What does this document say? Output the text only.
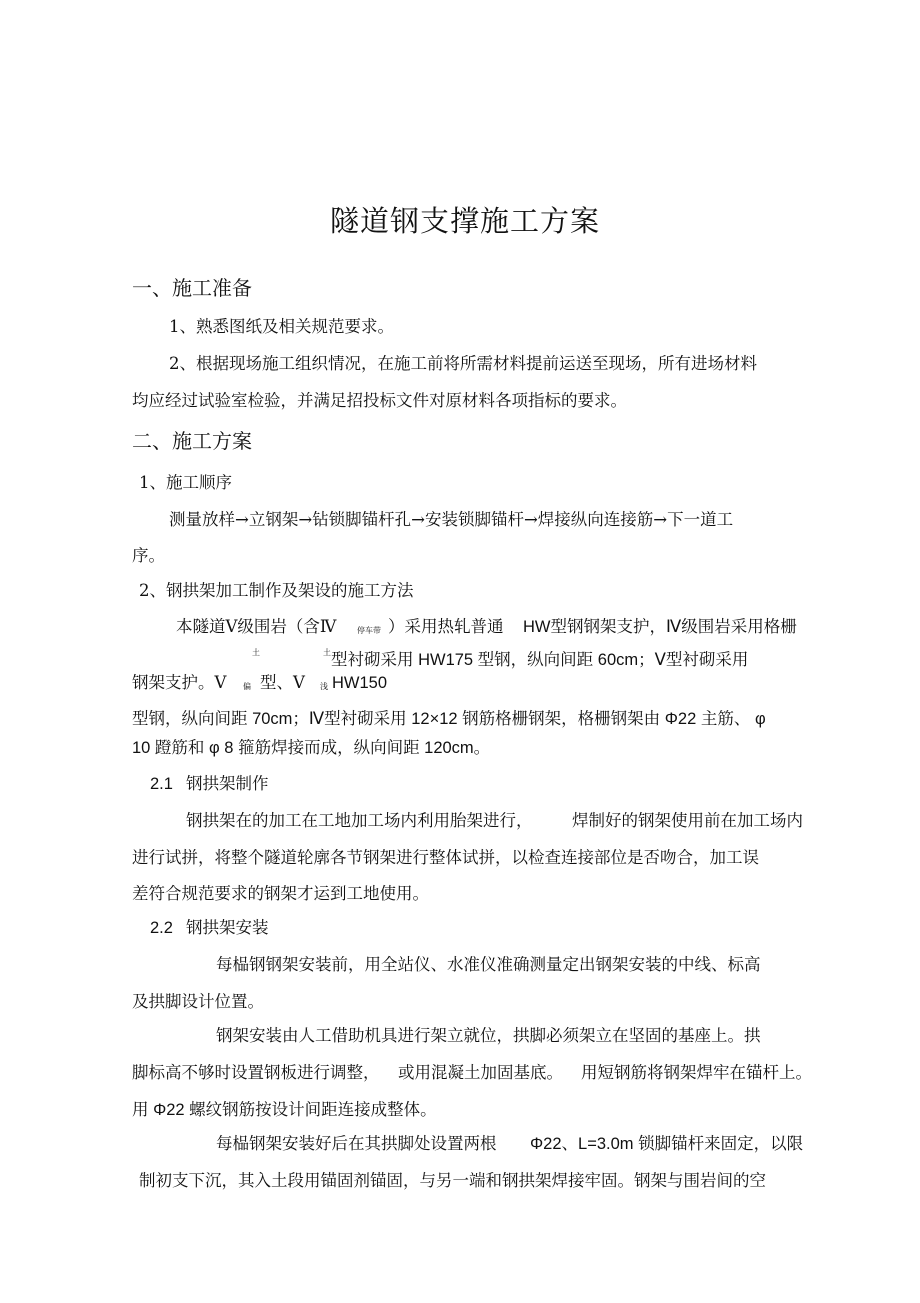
隧道钢支撑施工方案
一、施工准备
1、熟悉图纸及相关规范要求。
2、根据现场施工组织情况，在施工前将所需材料提前运送至现场，所有进场材料
均应经过试验室检验，并满足招投标文件对原材料各项指标的要求。
二、施工方案
1、施工顺序
测量放样→立钢架→钻锁脚锚杆孔→安装锁脚锚杆→焊接纵向连接筋→下一道工
序。
2、钢拱架加工制作及架设的施工方法
本隧道Ⅴ级围岩（含Ⅳ	停车带 ）采用热轧普通 HW型钢钢架支护，Ⅳ级围岩采用格栅
土	土 型衬砌采用 HW175 型钢，纵向间距 60cm；Ⅴ型衬砌采用
钢架支护。Ⅴ 偏 型、Ⅴ 浅 HW150
型钢，纵向间距 70cm；Ⅳ型衬砌采用 12×12 钢筋格栅钢架，格栅钢架由 Φ22 主筋、 φ
10 蹬筋和 φ 8 箍筋焊接而成，纵向间距 120cm。
2.1 钢拱架制作
钢拱架在的加工在工地加工场内利用胎架进行， 焊制好的钢架使用前在加工场内
进行试拼，将整个隧道轮廓各节钢架进行整体试拼，以检查连接部位是否吻合，加工误
差符合规范要求的钢架才运到工地使用。
2.2 钢拱架安装
每榀钢钢架安装前，用全站仪、水准仪准确测量定出钢架安装的中线、标高
及拱脚设计位置。
钢架安装由人工借助机具进行架立就位，拱脚必须架立在坚固的基座上。拱
脚标高不够时设置钢板进行调整， 或用混凝土加固基底。 用短钢筋将钢架焊牢在锚杆上。
用 Φ22 螺纹钢筋按设计间距连接成整体。
每榀钢架安装好后在其拱脚处设置两根 Φ22、L=3.0m 锁脚锚杆来固定，以限
制初支下沉，其入土段用锚固剂锚固，与另一端和钢拱架焊接牢固。钢架与围岩间的空
